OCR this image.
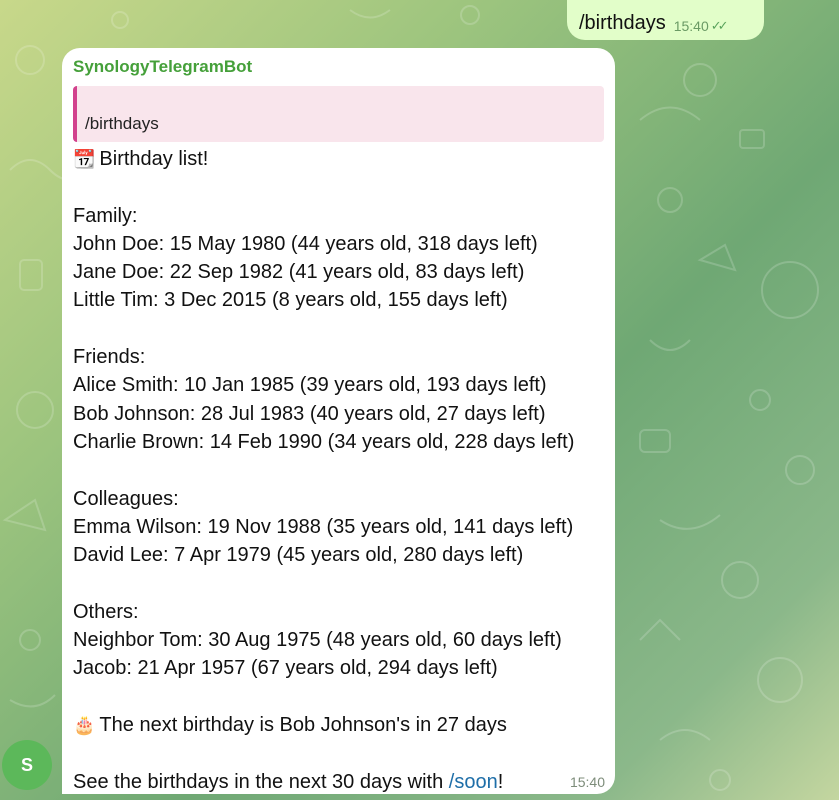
/birthdays 15:40 ✓✓
SynologyTelegramBot
/birthdays
📆 Birthday list!
Family:
John Doe: 15 May 1980 (44 years old, 318 days left)
Jane Doe: 22 Sep 1982 (41 years old, 83 days left)
Little Tim: 3 Dec 2015 (8 years old, 155 days left)
Friends:
Alice Smith: 10 Jan 1985 (39 years old, 193 days left)
Bob Johnson: 28 Jul 1983 (40 years old, 27 days left)
Charlie Brown: 14 Feb 1990 (34 years old, 228 days left)
Colleagues:
Emma Wilson: 19 Nov 1988 (35 years old, 141 days left)
David Lee: 7 Apr 1979 (45 years old, 280 days left)
Others:
Neighbor Tom: 30 Aug 1975 (48 years old, 60 days left)
Jacob: 21 Apr 1957 (67 years old, 294 days left)
🎂 The next birthday is Bob Johnson's in 27 days
See the birthdays in the next 30 days with /soon!	15:40
S
